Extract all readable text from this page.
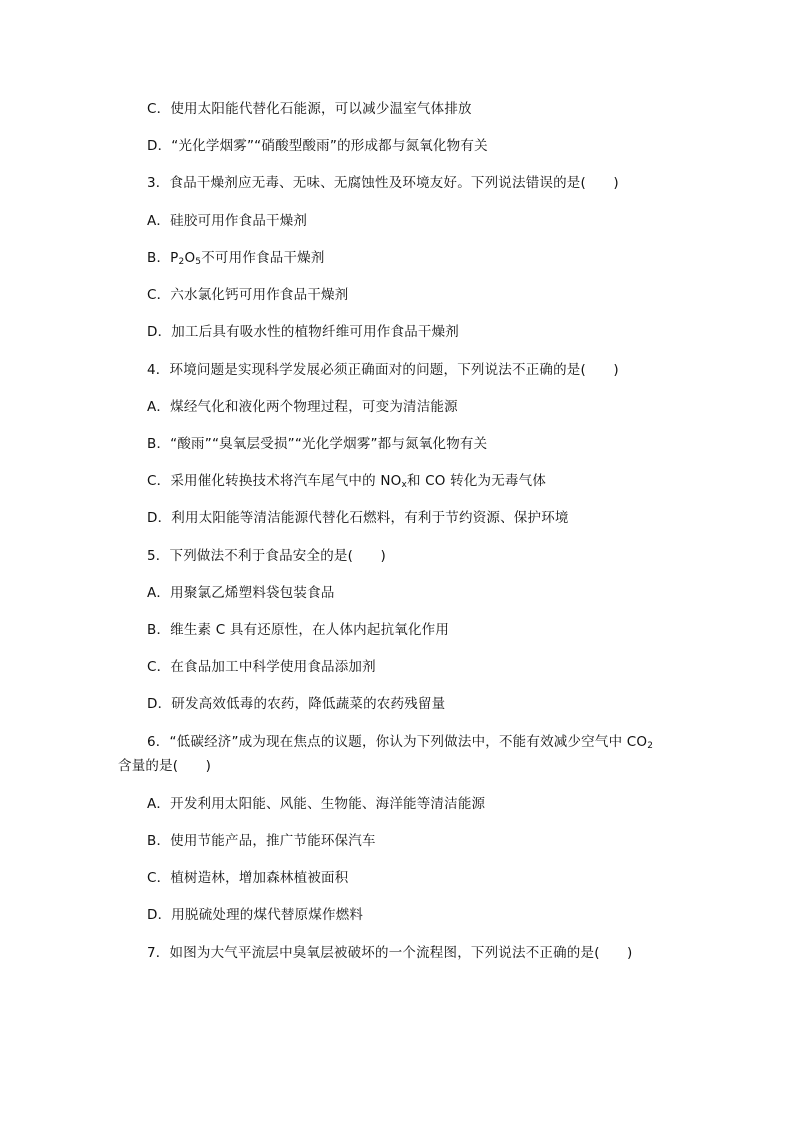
C．使用太阳能代替化石能源，可以减少温室气体排放
D．“光化学烟雾”“硝酸型酸雨”的形成都与氮氧化物有关
3．食品干燥剂应无毒、无味、无腐蚀性及环境友好。下列说法错误的是(　　)
A．硅胶可用作食品干燥剂
B．$P_2O_5$不可用作食品干燥剂
C．六水氯化钙可用作食品干燥剂
D．加工后具有吸水性的植物纤维可用作食品干燥剂
4．环境问题是实现科学发展必须正确面对的问题，下列说法不正确的是(　　)
A．煤经气化和液化两个物理过程，可变为清洁能源
B．“酸雨”“臭氧层受损”“光化学烟雾”都与氮氧化物有关
C．采用催化转换技术将汽车尾气中的 $NO_x$和 CO 转化为无毒气体
D．利用太阳能等清洁能源代替化石燃料，有利于节约资源、保护环境
5．下列做法不利于食品安全的是(　　)
A．用聚氯乙烯塑料袋包装食品
B．维生素 C 具有还原性，在人体内起抗氧化作用
C．在食品加工中科学使用食品添加剂
D．研发高效低毒的农药，降低蔬菜的农药残留量
6．“低碳经济”成为现在焦点的议题，你认为下列做法中，不能有效减少空气中 $CO_2$
含量的是(　　)
A．开发利用太阳能、风能、生物能、海洋能等清洁能源
B．使用节能产品，推广节能环保汽车
C．植树造林，增加森林植被面积
D．用脱硫处理的煤代替原煤作燃料
7．如图为大气平流层中臭氧层被破坏的一个流程图，下列说法不正确的是(　　)
